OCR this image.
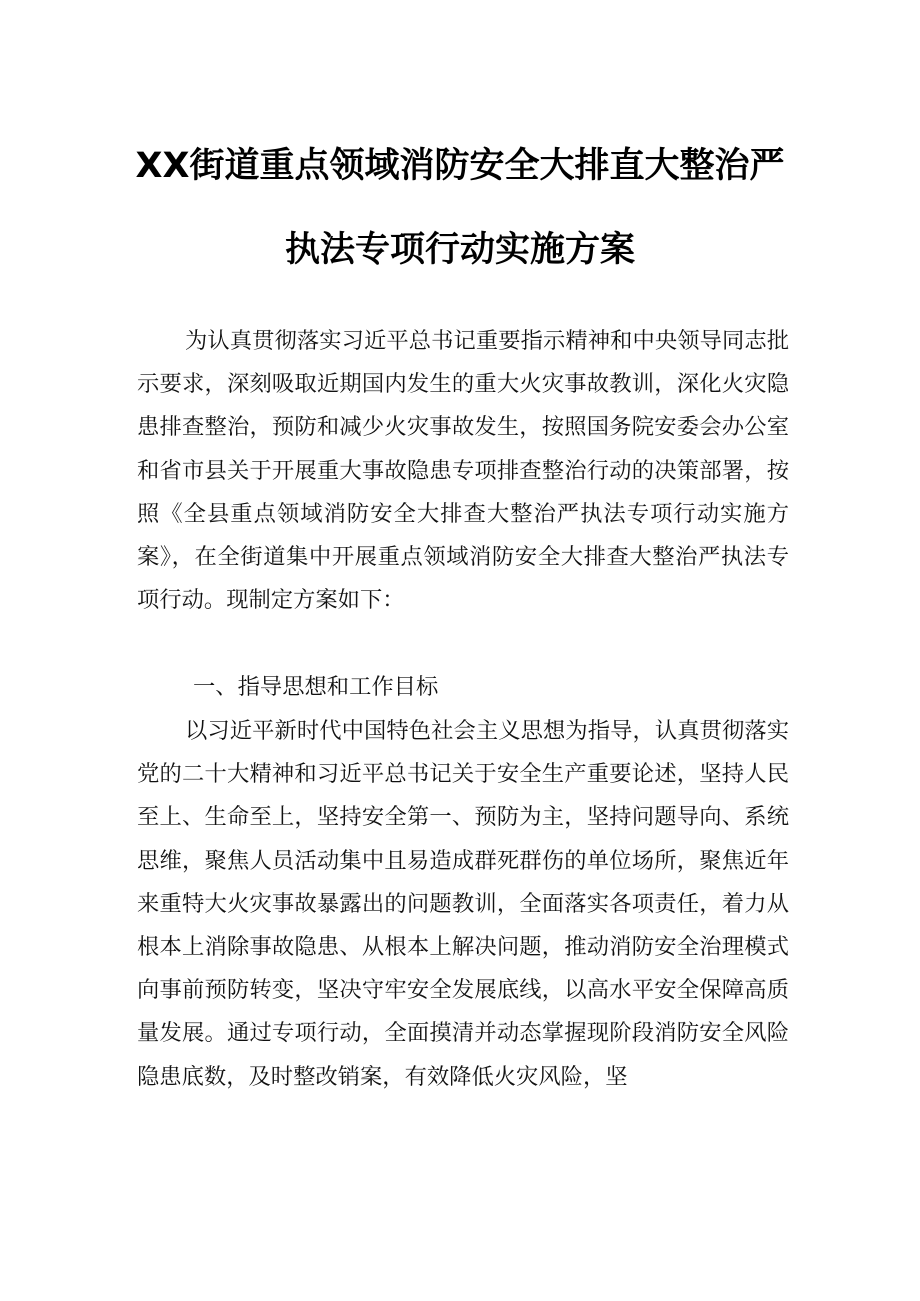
XX街道重点领域消防安全大排直大整治严
执法专项行动实施方案
为认真贯彻落实习近平总书记重要指示精神和中央领导同志批示要求，深刻吸取近期国内发生的重大火灾事故教训，深化火灾隐患排查整治，预防和减少火灾事故发生，按照国务院安委会办公室和省市县关于开展重大事故隐患专项排查整治行动的决策部署，按照《全县重点领域消防安全大排查大整治严执法专项行动实施方案》，在全街道集中开展重点领域消防安全大排查大整治严执法专项行动。现制定方案如下：
一、指导思想和工作目标
以习近平新时代中国特色社会主义思想为指导，认真贯彻落实党的二十大精神和习近平总书记关于安全生产重要论述，坚持人民至上、生命至上，坚持安全第一、预防为主，坚持问题导向、系统思维，聚焦人员活动集中且易造成群死群伤的单位场所，聚焦近年来重特大火灾事故暴露出的问题教训，全面落实各项责任，着力从根本上消除事故隐患、从根本上解决问题，推动消防安全治理模式向事前预防转变，坚决守牢安全发展底线，以高水平安全保障高质量发展。通过专项行动，全面摸清并动态掌握现阶段消防安全风险隐患底数，及时整改销案，有效降低火灾风险，坚
